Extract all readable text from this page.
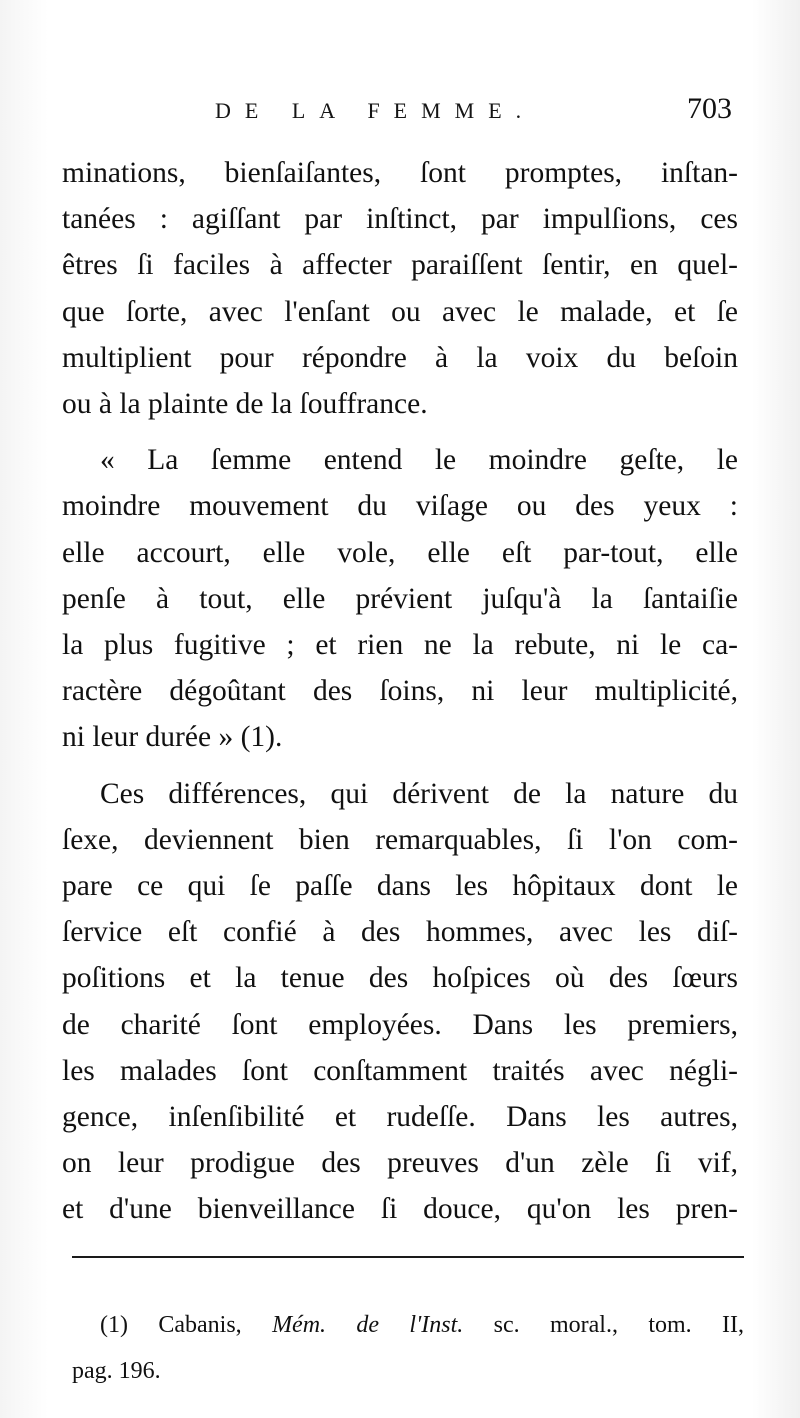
DE LA FEMME.	703
minations, bienſaiſantes, ſont promptes, inſtan-
tanées : agiſſant par inſtinct, par impulſions, ces
êtres ſi faciles à affecter paraiſſent ſentir, en quel-
que ſorte, avec l'enſant ou avec le malade, et ſe
multiplient pour répondre à la voix du beſoin
ou à la plainte de la ſouffrance.
« La ſemme entend le moindre geſte, le
moindre mouvement du viſage ou des yeux :
elle accourt, elle vole, elle eſt par-tout, elle
penſe à tout, elle prévient juſqu'à la ſantaiſie
la plus fugitive ; et rien ne la rebute, ni le ca-
ractère dégoûtant des ſoins, ni leur multiplicité,
ni leur durée » (1).
Ces différences, qui dérivent de la nature du
ſexe, deviennent bien remarquables, ſi l'on com-
pare ce qui ſe paſſe dans les hôpitaux dont le
ſervice eſt confié à des hommes, avec les diſ-
poſitions et la tenue des hoſpices où des ſœurs
de charité ſont employées. Dans les premiers,
les malades ſont conſtamment traités avec négli-
gence, inſenſibilité et rudeſſe. Dans les autres,
on leur prodigue des preuves d'un zèle ſi vif,
et d'une bienveillance ſi douce, qu'on les pren-
(1) Cabanis, Mém. de l'Inst. sc. moral., tom. II,
pag. 196.
